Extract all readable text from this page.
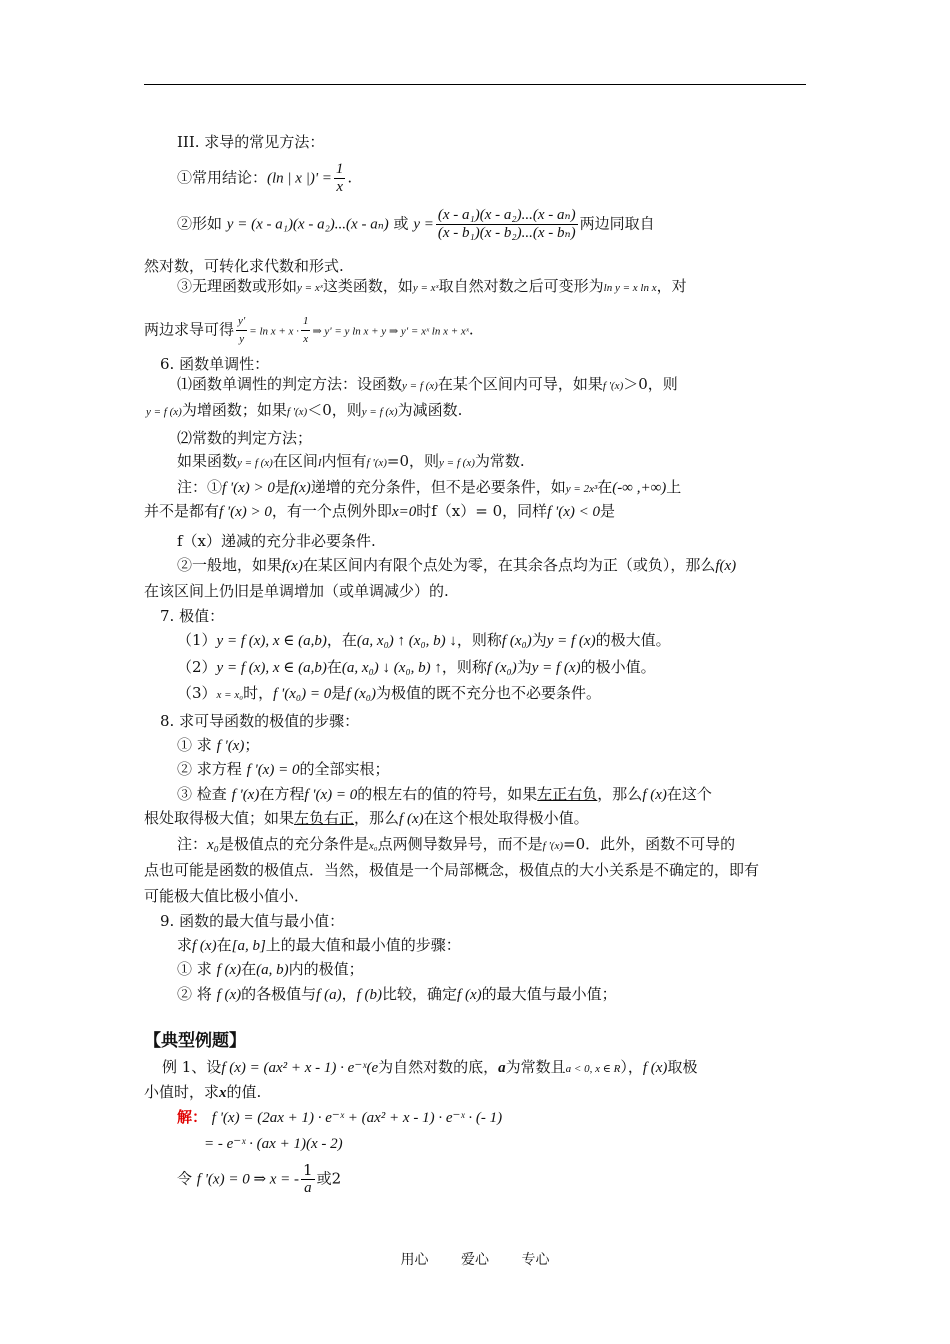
III. 求导的常见方法：
①常用结论：(ln | x |)' = $\frac{1}{x}$ .
②形如 y = (x - a₁)(x - a₂)...(x - aₙ) 或 $y = \frac{\text{(x - a₁)(x - a₂)...(x - aₙ)}}{\text{(x - b₁)(x - b₂)...(x - bₙ)}}$ 两边同取自
然对数，可转化求代数和形式.
③无理函数或形如y = xˣ这类函数，如y = xˣ取自然对数之后可变形为ln y = x ln x，对
两边求导可得 $\frac{y'}{y} = \ln x + x \cdot \frac{1}{x}$ ⇒ y' = y ln x + y ⇒ y' = xˣ ln x + xˣ.
6. 函数单调性：
⑴函数单调性的判定方法：设函数y = f (x)在某个区间内可导，如果f '(x)＞0，则
y = f (x)为增函数；如果f '(x)＜0，则y = f (x)为减函数.
⑵常数的判定方法；
如果函数y = f (x)在区间I内恒有f '(x)=0，则y = f (x)为常数.
注：①f '(x) > 0是f(x)递增的充分条件，但不是必要条件，如y = 2x³在(-∞ ,+∞)上
并不是都有f '(x) > 0，有一个点例外即x=0时f（x）= 0，同样f '(x) < 0是
f（x）递减的充分非必要条件.
②一般地，如果f(x)在某区间内有限个点处为零，在其余各点均为正（或负），那么f(x)
在该区间上仍旧是单调增加（或单调减少）的.
7. 极值：
（1）y = f (x), x ∈ (a,b)，在(a, x₀) ↑ (x₀, b) ↓，则称f (x₀)为y = f (x)的极大值。
（2）y = f (x), x ∈ (a,b)在(a, x₀) ↓ (x₀, b) ↑，则称f (x₀)为y = f (x)的极小值。
（3）x = x₀时，f '(x₀) = 0是f (x₀)为极值的既不充分也不必要条件。
8. 求可导函数的极值的步骤：
① 求 f '(x)；
② 求方程 f '(x) = 0的全部实根；
③ 检查 f '(x)在方程f '(x) = 0的根左右的值的符号，如果左正右负，那么f (x)在这个
根处取得极大值；如果左负右正，那么f (x)在这个根处取得极小值。
注：x₀是极值点的充分条件是x₀点两侧导数异号，而不是f '(x)=0．此外，函数不可导的
点也可能是函数的极值点．当然，极值是一个局部概念，极值点的大小关系是不确定的，即有
可能极大值比极小值小．
9. 函数的最大值与最小值：
求f (x)在[a, b]上的最大值和最小值的步骤：
① 求 f (x)在(a, b)内的极值；
② 将 f (x)的各极值与f (a)，f (b)比较，确定f (x)的最大值与最小值；
【典型例题】
例 1、设f (x) = (ax² + x - 1) · e⁻ˣ(e为自然对数的底，a为常数且a < 0, x ∈ R），f (x)取极
小值时，求x的值.
解： f '(x) = (2ax + 1) · e⁻ˣ + (ax² + x - 1) · e⁻ˣ · (- 1)
= - e⁻ˣ · (ax + 1)(x - 2)
令 f '(x) = 0 ⇒ x = - $\frac{1}{a}$ 或2
用心 爱心 专心
